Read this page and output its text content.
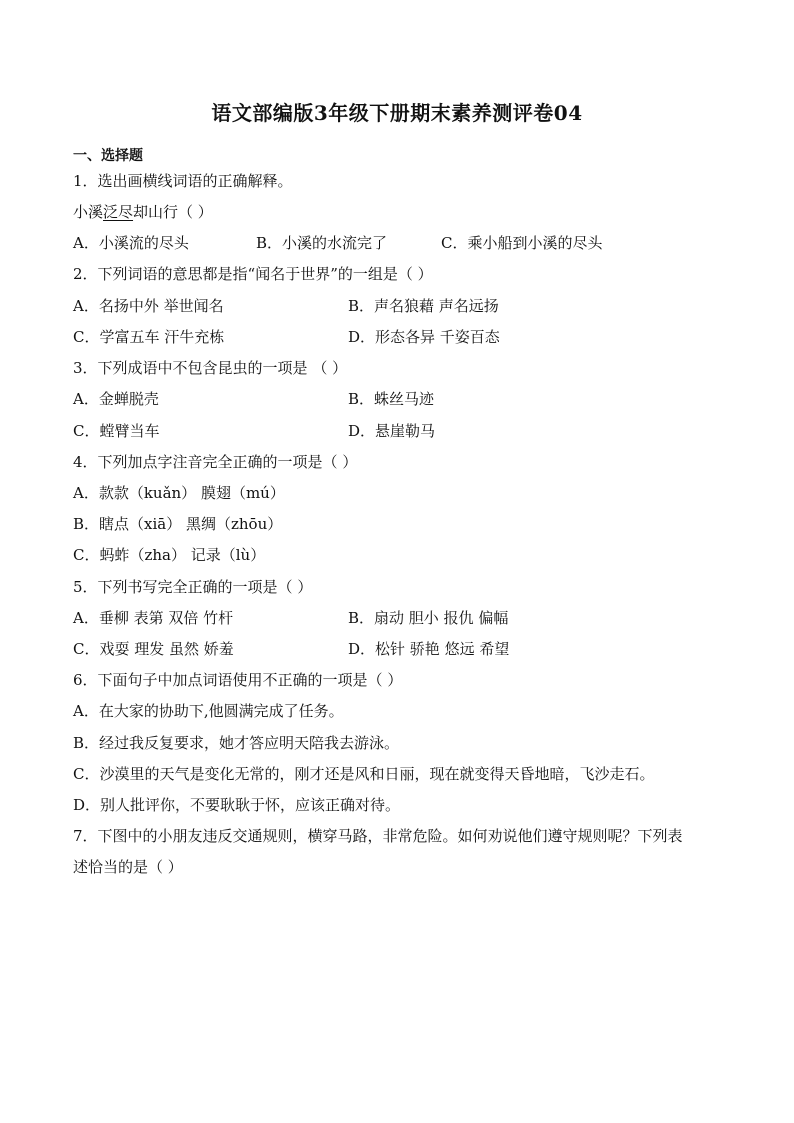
语文部编版3年级下册期末素养测评卷04
一、选择题
1．选出画横线词语的正确解释。
小溪泛尽却山行（ ）
A．小溪流的尽头	B．小溪的水流完了	C．乘小船到小溪的尽头
2．下列词语的意思都是指“闻名于世界”的一组是（ ）
A．名扬中外 举世闻名	B．声名狼藉 声名远扬
C．学富五车 汗牛充栋	D．形态各异 千姿百态
3．下列成语中不包含昆虫的一项是 （ ）
A．金蝉脱壳	B．蛛丝马迹
C．螳臂当车	D．悬崖勒马
4．下列加点字注音完全正确的一项是（ ）
A．款款（kuǎn） 膜翅（mú）
B．瞎点（xiā） 黑绸（zhōu）
C．蚂蚱（zha） 记录（lù）
5．下列书写完全正确的一项是（ ）
A．垂柳 表第 双倍 竹杆	B．扇动 胆小 报仇 偏幅
C．戏耍 理发 虽然 娇羞	D．松针 骄艳 悠远 希望
6．下面句子中加点词语使用不正确的一项是（ ）
A．在大家的协助下,他圆满完成了任务。
B．经过我反复要求，她才答应明天陪我去游泳。
C．沙漠里的天气是变化无常的，刚才还是风和日丽，现在就变得天昏地暗，飞沙走石。
D．别人批评你，不要耿耿于怀，应该正确对待。
7．下图中的小朋友违反交通规则，横穿马路，非常危险。如何劝说他们遵守规则呢？下列表
述恰当的是（ ）
